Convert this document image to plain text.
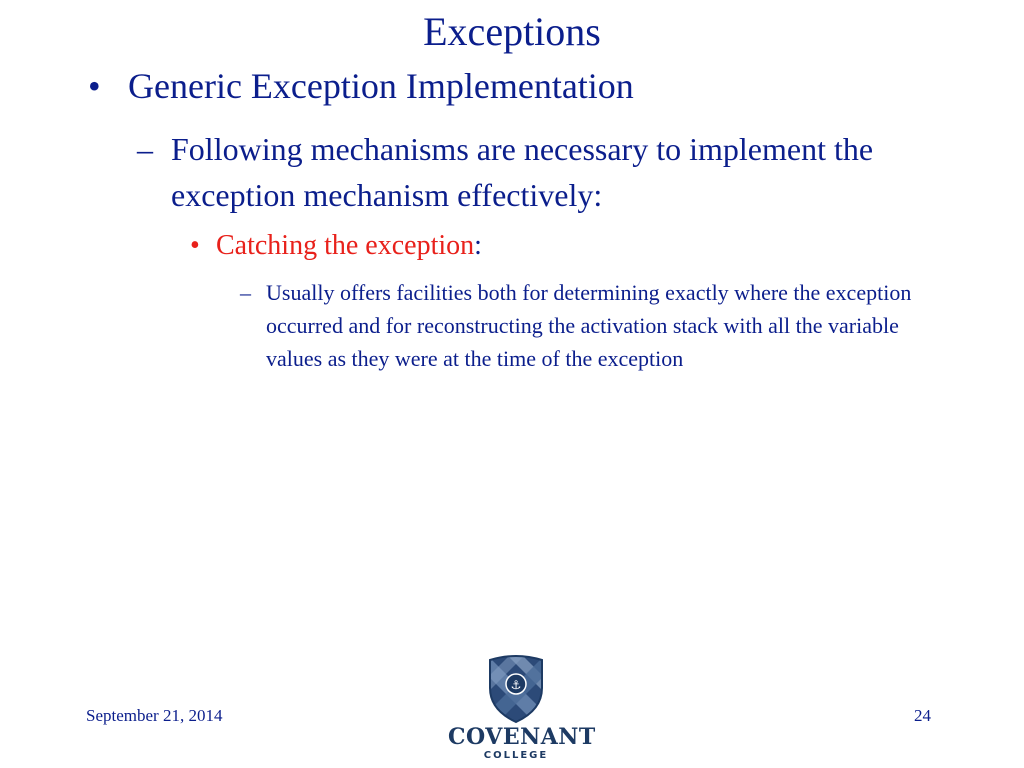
Exceptions
• Generic Exception Implementation
– Following mechanisms are necessary to implement the exception mechanism effectively:
• Catching the exception:
– Usually offers facilities both for determining exactly where the exception occurred and for reconstructing the activation stack with all the variable values as they were at the time of the exception
September 21, 2014	24
⚓
COVENANT
COLLEGE
